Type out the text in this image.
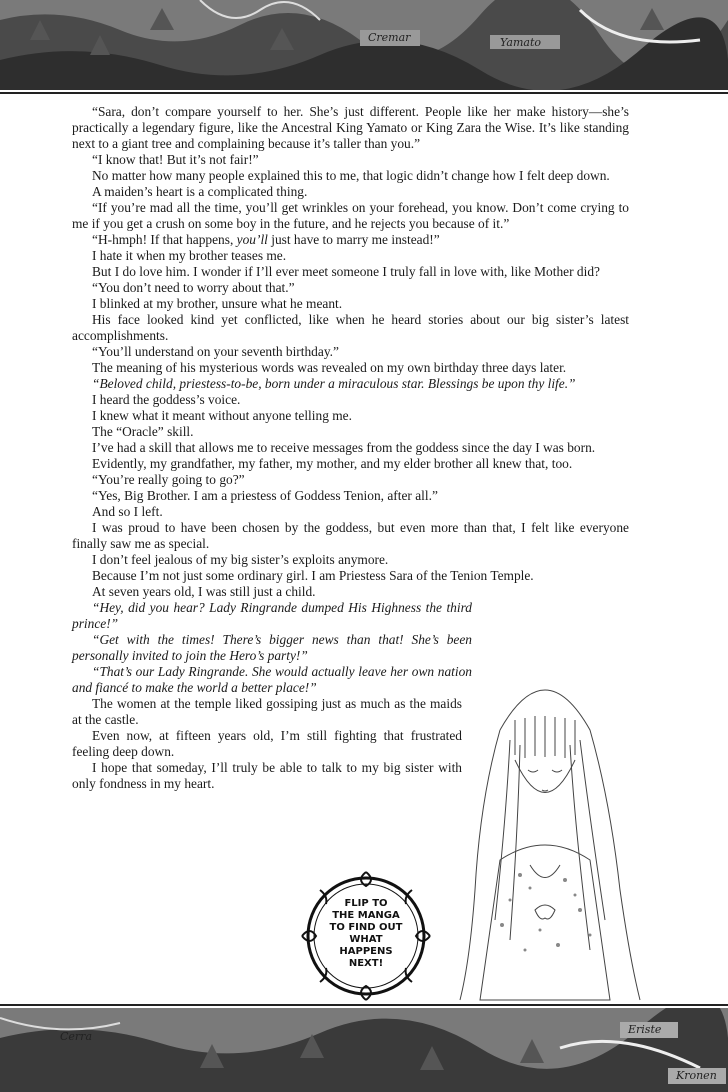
Cremar	Yamato

“Sara, don’t compare yourself to her. She’s just different. People like her make history—she’s practically a legendary figure, like the Ancestral King Yamato or King Zara the Wise. It’s like standing next to a giant tree and complaining because it’s taller than you.”

“I know that! But it’s not fair!”

No matter how many people explained this to me, that logic didn’t change how I felt deep down.

A maiden’s heart is a complicated thing.

“If you’re mad all the time, you’ll get wrinkles on your forehead, you know. Don’t come crying to me if you get a crush on some boy in the future, and he rejects you because of it.”

“H-hmph! If that happens, you’ll just have to marry me instead!”

I hate it when my brother teases me.

But I do love him. I wonder if I’ll ever meet someone I truly fall in love with, like Mother did?

“You don’t need to worry about that.”

I blinked at my brother, unsure what he meant.

His face looked kind yet conflicted, like when he heard stories about our big sister’s latest accomplishments.

“You’ll understand on your seventh birthday.”

The meaning of his mysterious words was revealed on my own birthday three days later.

“Beloved child, priestess-to-be, born under a miraculous star. Blessings be upon thy life.”

I heard the goddess’s voice.

I knew what it meant without anyone telling me.

The “Oracle” skill.

I’ve had a skill that allows me to receive messages from the goddess since the day I was born.

Evidently, my grandfather, my father, my mother, and my elder brother all knew that, too.

“You’re really going to go?”

“Yes, Big Brother. I am a priestess of Goddess Tenion, after all.”

And so I left.

I was proud to have been chosen by the goddess, but even more than that, I felt like everyone finally saw me as special.

I don’t feel jealous of my big sister’s exploits anymore.

Because I’m not just some ordinary girl. I am Priestess Sara of the Tenion Temple.

At seven years old, I was still just a child.

“Hey, did you hear? Lady Ringrande dumped His Highness the third prince!”

“Get with the times! There’s bigger news than that! She’s been personally invited to join the Hero’s party!”

“That’s our Lady Ringrande. She would actually leave her own nation and fiancé to make the world a better place!”

The women at the temple liked gossiping just as much as the maids at the castle.

Even now, at fifteen years old, I’m still fighting that frustrated feeling deep down.

I hope that someday, I’ll truly be able to talk to my big sister with only fondness in my heart.

FLIP TO
THE MANGA
TO FIND OUT
WHAT
HAPPENS
NEXT!
Cerra
Eriste
Kronen
